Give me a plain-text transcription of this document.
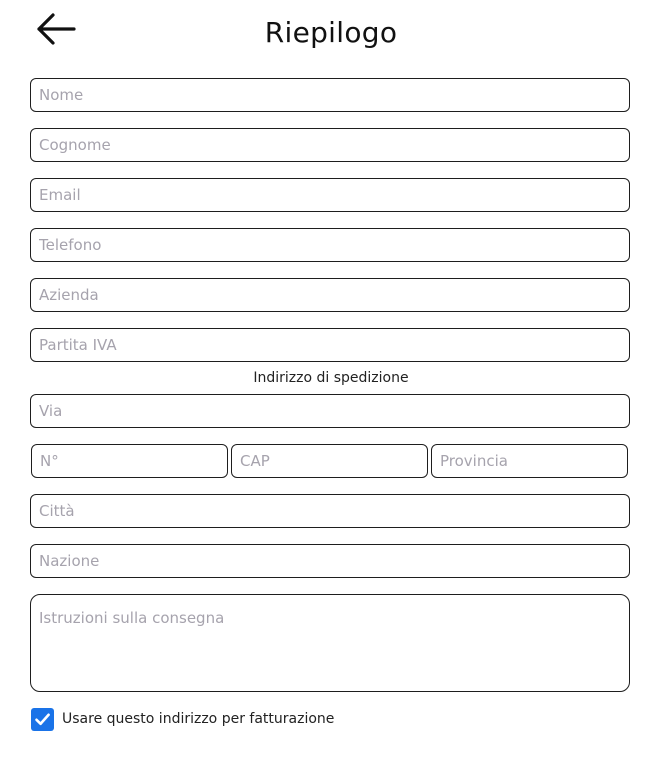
Riepilogo
Nome
Cognome
Email
Telefono
Azienda
Partita IVA
Indirizzo di spedizione
Via
N°
CAP
Provincia
Città
Nazione
Istruzioni sulla consegna
Usare questo indirizzo per fatturazione
